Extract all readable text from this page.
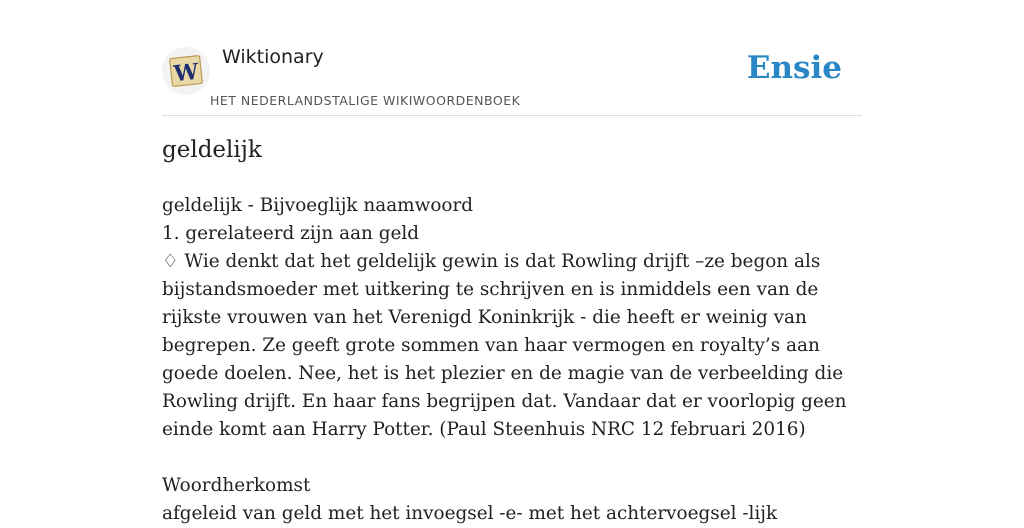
W
Wiktionary
HET NEDERLANDSTALIGE WIKIWOORDENBOEK
Ensie
geldelijk

geldelijk - Bijvoeglijk naamwoord

1. gerelateerd zijn aan geld

♢ Wie denkt dat het geldelijk gewin is dat Rowling drijft –ze begon als bijstandsmoeder met uitkering te schrijven en is inmiddels een van de rijkste vrouwen van het Verenigd Koninkrijk - die heeft er weinig van begrepen. Ze geeft grote sommen van haar vermogen en royalty’s aan goede doelen. Nee, het is het plezier en de magie van de verbeelding die Rowling drijft. En haar fans begrijpen dat. Vandaar dat er voorlopig geen einde komt aan Harry Potter. (Paul Steenhuis NRC 12 februari 2016)

Woordherkomst

afgeleid van geld met het invoegsel -e- met het achtervoegsel -lijk
